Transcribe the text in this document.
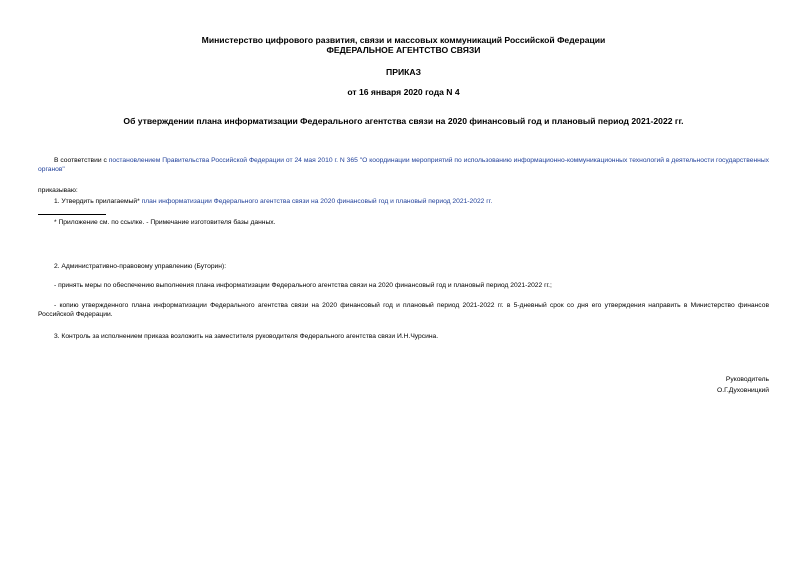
Министерство цифрового развития, связи и массовых коммуникаций Российской Федерации
ФЕДЕРАЛЬНОЕ АГЕНТСТВО СВЯЗИ
ПРИКАЗ
от 16 января 2020 года N 4
Об утверждении плана информатизации Федерального агентства связи на 2020 финансовый год и плановый период 2021-2022 гг.
В соответствии с постановлением Правительства Российской Федерации от 24 мая 2010 г. N 365 "О координации мероприятий по использованию информационно-коммуникационных технологий в деятельности государственных органов"
приказываю:
1. Утвердить прилагаемый* план информатизации Федерального агентства связи на 2020 финансовый год и плановый период 2021-2022 гг.
* Приложение см. по ссылке. - Примечание изготовителя базы данных.
2. Административно-правовому управлению (Буторин):
- принять меры по обеспечению выполнения плана информатизации Федерального агентства связи на 2020 финансовый год и плановый период 2021-2022 гг.;
- копию утвержденного плана информатизации Федерального агентства связи на 2020 финансовый год и плановый период 2021-2022 гг. в 5-дневный срок со дня его утверждения направить в Министерство финансов Российской Федерации.
3. Контроль за исполнением приказа возложить на заместителя руководителя Федерального агентства связи И.Н.Чурсина.
Руководитель
О.Г.Духовницкий
